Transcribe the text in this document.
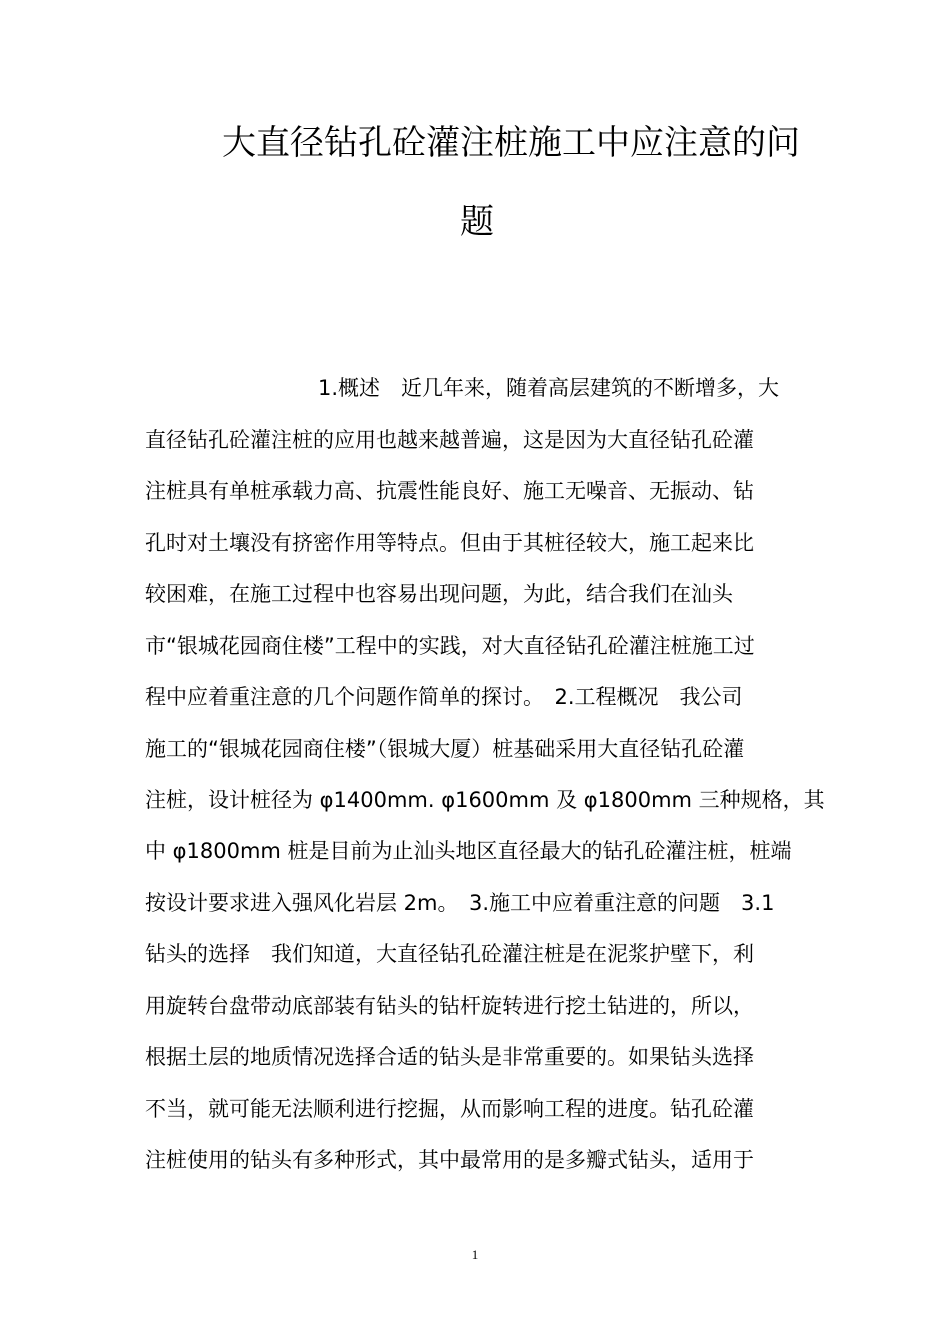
大直径钻孔砼灌注桩施工中应注意的问
题
1.概述　近几年来，随着高层建筑的不断增多，大
直径钻孔砼灌注桩的应用也越来越普遍，这是因为大直径钻孔砼灌
注桩具有单桩承载力高、抗震性能良好、施工无噪音、无振动、钻
孔时对土壤没有挤密作用等特点。但由于其桩径较大，施工起来比
较困难，在施工过程中也容易出现问题，为此，结合我们在汕头
市“银城花园商住楼”工程中的实践，对大直径钻孔砼灌注桩施工过
程中应着重注意的几个问题作简单的探讨。　2.工程概况　我公司
施工的“银城花园商住楼”（银城大厦）桩基础采用大直径钻孔砼灌
注桩，设计桩径为 φ1400mm. φ1600mm 及 φ1800mm 三种规格，其
中 φ1800mm 桩是目前为止汕头地区直径最大的钻孔砼灌注桩，桩端
按设计要求进入强风化岩层 2m。　3.施工中应着重注意的问题　3.1
钻头的选择　我们知道，大直径钻孔砼灌注桩是在泥浆护壁下，利
用旋转台盘带动底部装有钻头的钻杆旋转进行挖土钻进的，所以，
根据土层的地质情况选择合适的钻头是非常重要的。如果钻头选择
不当，就可能无法顺利进行挖掘，从而影响工程的进度。钻孔砼灌
注桩使用的钻头有多种形式，其中最常用的是多瓣式钻头，适用于
1
